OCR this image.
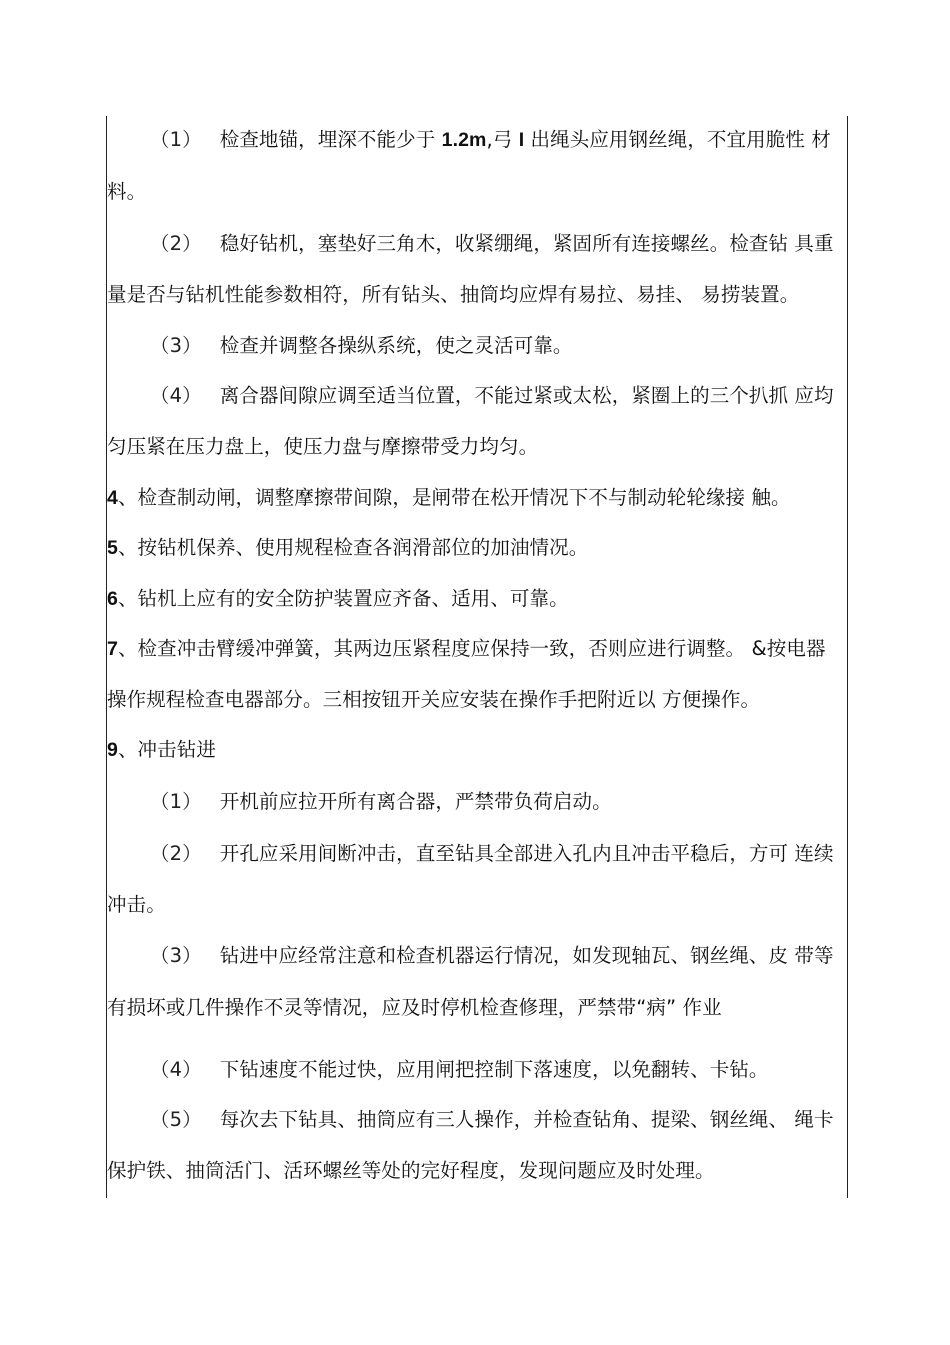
（1） 检查地锚，埋深不能少于 1.2m,弓 I 出绳头应用钢丝绳，不宜用脆性 材
料。
（2） 稳好钻机，塞垫好三角木，收紧绷绳，紧固所有连接螺丝。检查钻 具重
量是否与钻机性能参数相符，所有钻头、抽筒均应焊有易拉、易挂、 易捞装置。
（3） 检查并调整各操纵系统，使之灵活可靠。
（4） 离合器间隙应调至适当位置，不能过紧或太松，紧圈上的三个扒抓 应均
匀压紧在压力盘上，使压力盘与摩擦带受力均匀。
4、检查制动闸，调整摩擦带间隙，是闸带在松开情况下不与制动轮轮缘接 触。
5、按钻机保养、使用规程检查各润滑部位的加油情况。
6、钻机上应有的安全防护装置应齐备、适用、可靠。
7、检查冲击臂缓冲弹簧，其两边压紧程度应保持一致，否则应进行调整。 &按电器
操作规程检查电器部分。三相按钮开关应安装在操作手把附近以 方便操作。
9、冲击钻进
（1） 开机前应拉开所有离合器，严禁带负荷启动。
（2） 开孔应采用间断冲击，直至钻具全部进入孔内且冲击平稳后，方可 连续
冲击。
（3） 钻进中应经常注意和检查机器运行情况，如发现轴瓦、钢丝绳、皮 带等
有损坏或几件操作不灵等情况，应及时停机检查修理，严禁带“病” 作业
（4） 下钻速度不能过快，应用闸把控制下落速度，以免翻转、卡钻。
（5） 每次去下钻具、抽筒应有三人操作，并检查钻角、提梁、钢丝绳、 绳卡
保护铁、抽筒活门、活环螺丝等处的完好程度，发现问题应及时处理。
